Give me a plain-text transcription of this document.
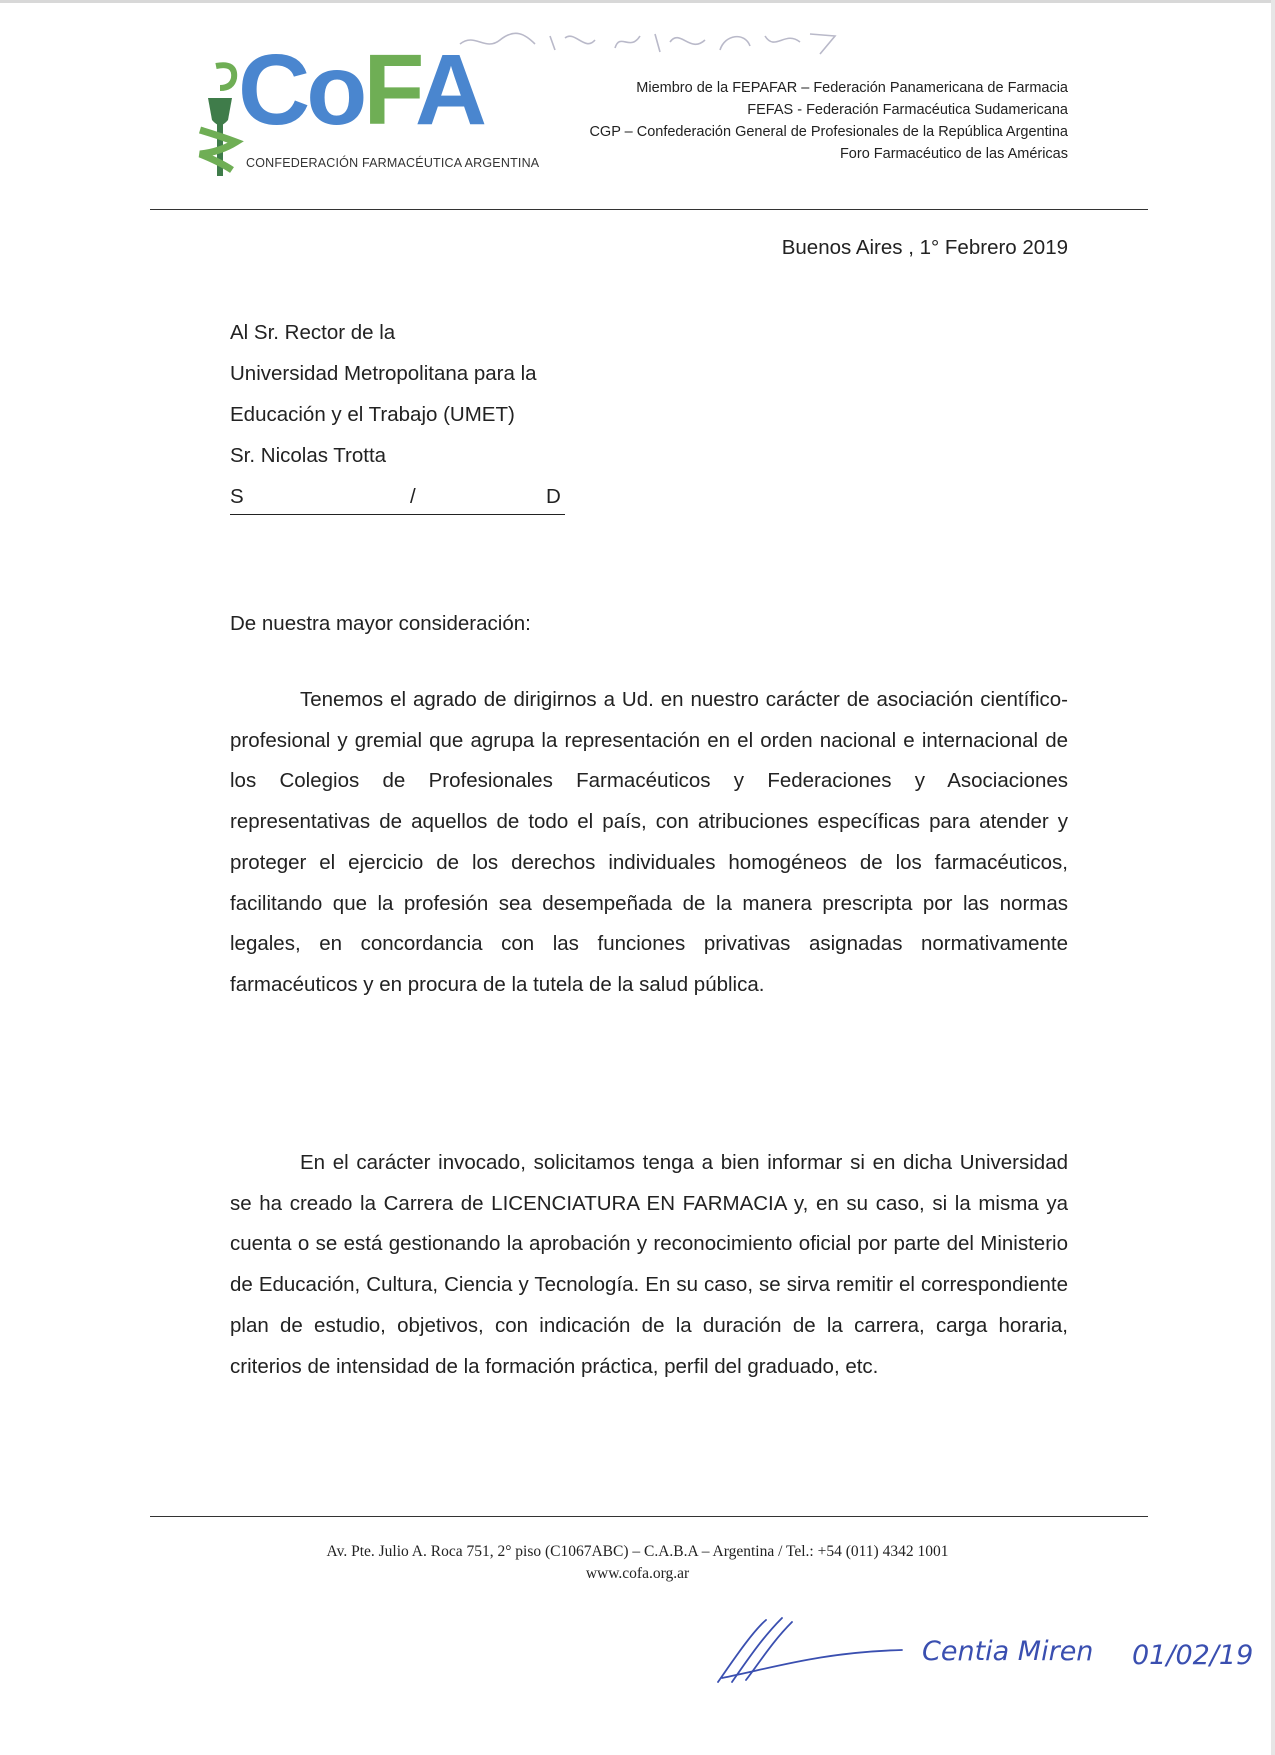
CoFA
CONFEDERACIÓN FARMACÉUTICA ARGENTINA
Miembro de la FEPAFAR – Federación Panamericana de Farmacia
FEFAS - Federación Farmacéutica Sudamericana
CGP – Confederación General de Profesionales de la República Argentina
Foro Farmacéutico de las Américas
Buenos Aires , 1° Febrero 2019
Al Sr. Rector de la
Universidad Metropolitana para la
Educación y el Trabajo (UMET)
Sr. Nicolas Trotta
S	/	D
De nuestra mayor consideración:
Tenemos el agrado de dirigirnos a Ud. en nuestro carácter de asociación científico-profesional y gremial que agrupa la representación en el orden nacional e internacional de los Colegios de Profesionales Farmacéuticos y Federaciones y Asociaciones representativas de aquellos de todo el país, con atribuciones específicas para atender y proteger el ejercicio de los derechos individuales homogéneos de los farmacéuticos, facilitando que la profesión sea desempeñada de la manera prescripta por las normas legales, en concordancia con las funciones privativas asignadas normativamente farmacéuticos y en procura de la tutela de la salud pública.
En el carácter invocado, solicitamos tenga a bien informar si en dicha Universidad se ha creado la Carrera de LICENCIATURA EN FARMACIA y, en su caso, si la misma ya cuenta o se está gestionando la aprobación y reconocimiento oficial por parte del Ministerio de Educación, Cultura, Ciencia y Tecnología. En su caso, se sirva remitir el correspondiente plan de estudio, objetivos, con indicación de la duración de la carrera, carga horaria, criterios de intensidad de la formación práctica, perfil del graduado, etc.
Av. Pte. Julio A. Roca 751, 2° piso (C1067ABC) – C.A.B.A – Argentina / Tel.: +54 (011) 4342 1001
www.cofa.org.ar
Centia Miren 01/02/19
